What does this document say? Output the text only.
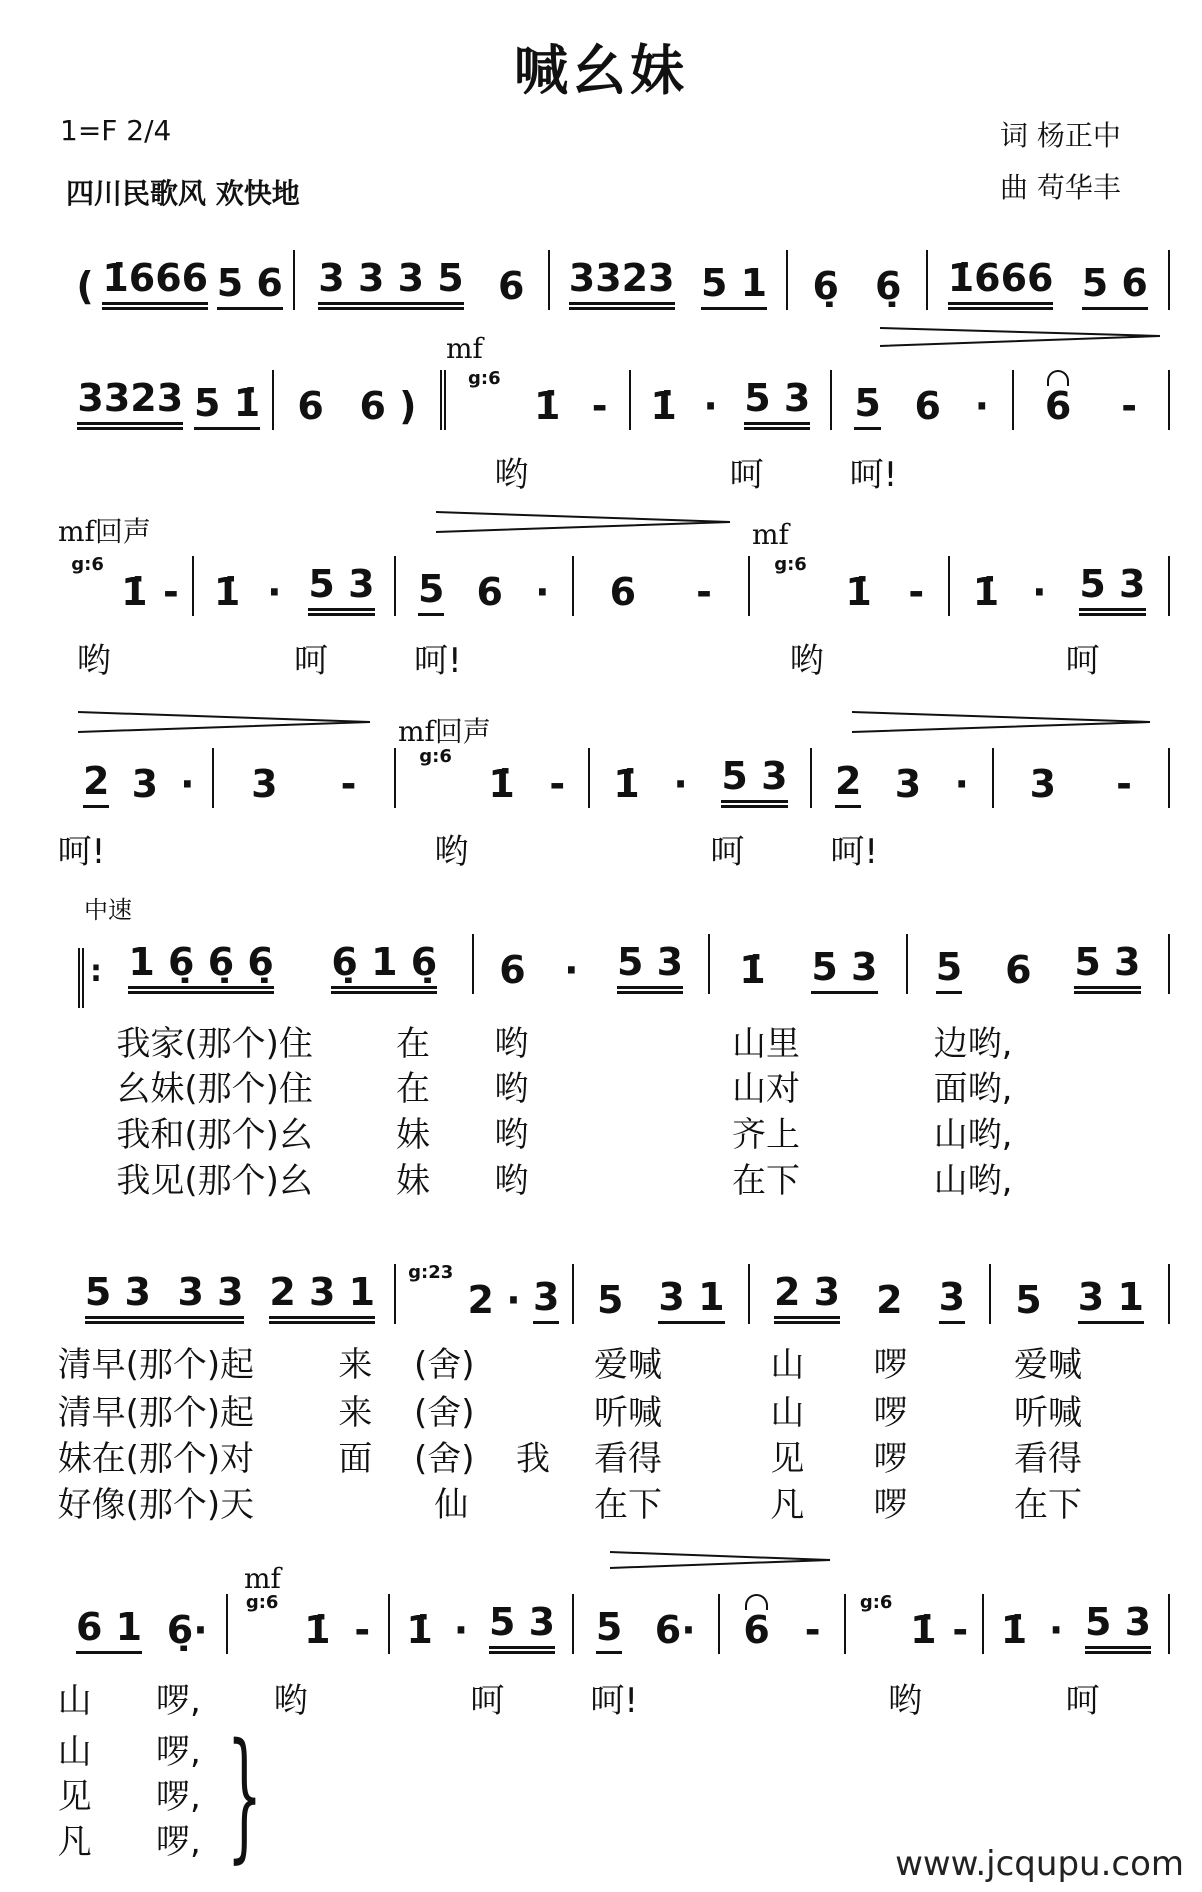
喊幺妹
1=F 2/4
四川民歌风 欢快地
词 杨正中
曲 苟华丰
中速
mf
mf回声	mf
mf回声
mf
( 1̇666 5 6 3 3 3 5 6 3323 5 1 6̣ 6̣ 1̇666 5 6
3323 5 1̇ 6 6 )
g:6
1̇ - 1̇ · 5 3 5 6 · 6 -
g:6
1̇ - 1̇ · 5 3 5 6 · 6 -
g:6
1̇ - 1̇ · 5 3
2 3 · 3 -
g:6
1̇ - 1̇ · 5 3 2 3 · 3 -
1 6̣ 6̣ 6̣ 6̣ 1 6̣ 6 · 5 3 1̇ 5 3 5 6 5 3
5 3  3 3 2 3 1 g:23
2 · 3 5 3 1 2 3 2 3 5 3 1
6 1 6̣·
g:6
1̇ - 1̇ · 5 3 5 6· 6 -
g:6
1̇ - 1̇ · 5 3
哟	呵	呵!
哟	呵	呵!	哟	呵
呵!	哟	呵	呵!
我家(那个)住 在 哟	山里	边哟,
幺妹(那个)住 在 哟	山对	面哟,
我和(那个)幺 妹 哟	齐上	山哟,
我见(那个)幺 妹 哟	在下	山哟,
清早(那个)起 来 (舍)	爱喊	山 啰	爱喊
清早(那个)起 来 (舍)	听喊	山 啰	听喊
妹在(那个)对 面 (舍) 我 看得	见 啰	看得
好像(那个)天	仙	在下	凡 啰	在下
哟	呵	呵!	哟	呵
山 啰,
山 啰,
见 啰,
凡 啰,
: }	www.jcqupu.com
